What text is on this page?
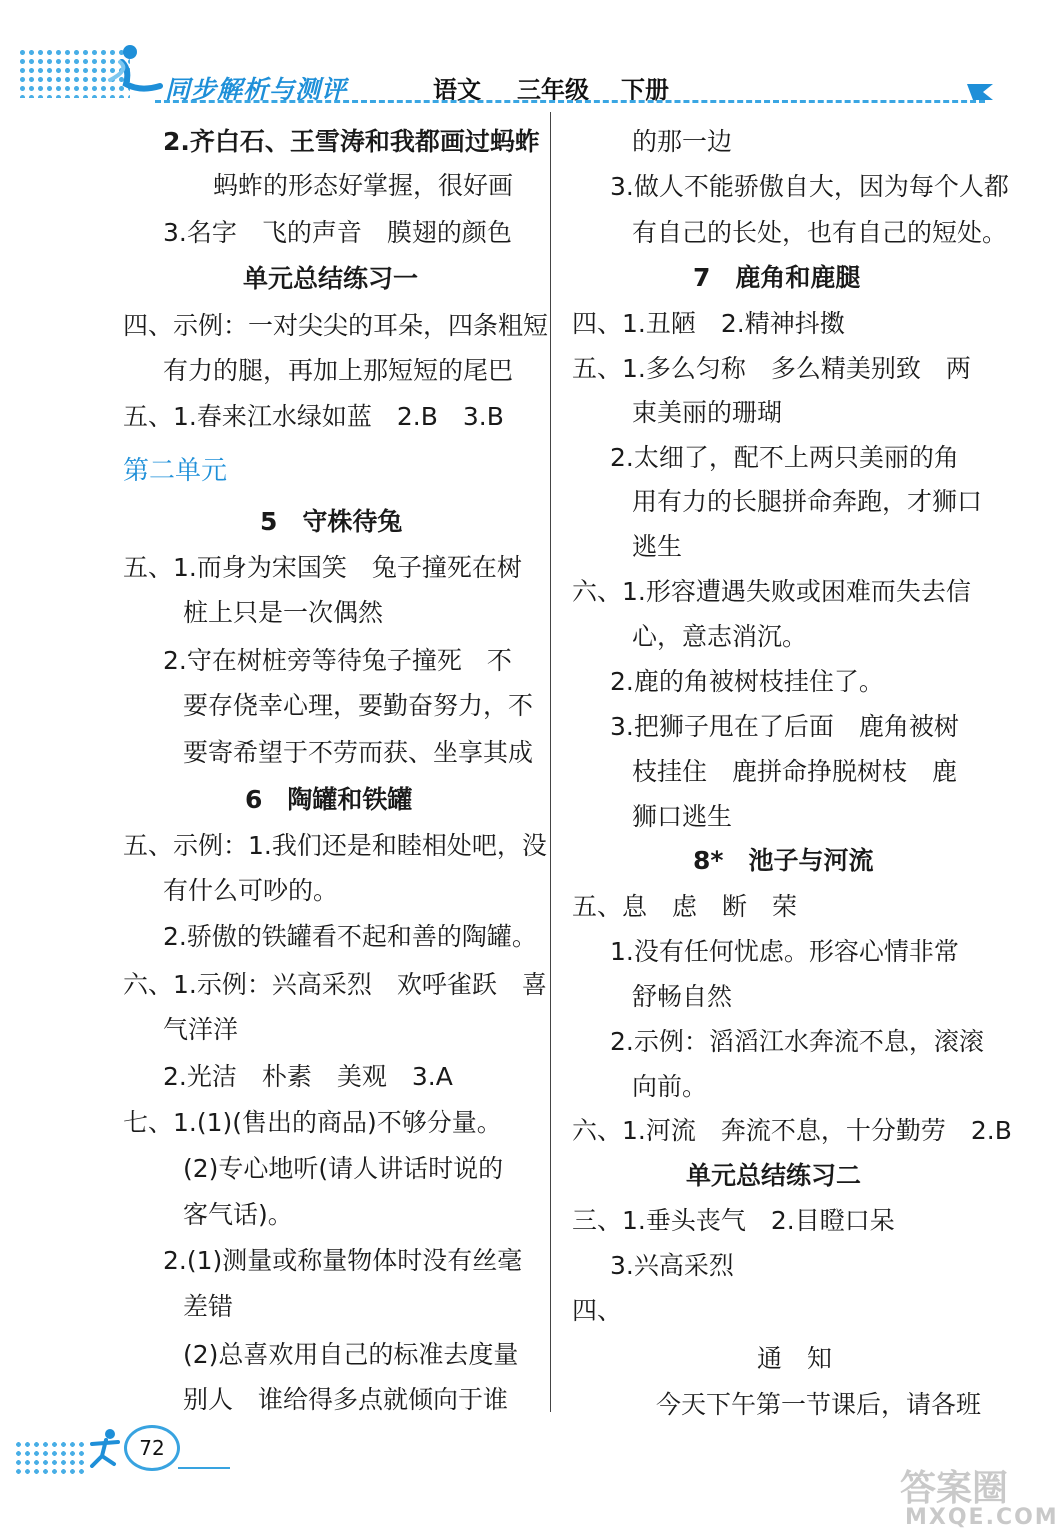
同步解析与测评	语文 三年级 下册
2.齐白石、王雪涛和我都画过蚂蚱
蚂蚱的形态好掌握，很好画
3.名字　飞的声音　膜翅的颜色
单元总结练习一
四、示例：一对尖尖的耳朵，四条粗短
有力的腿，再加上那短短的尾巴
五、1.春来江水绿如蓝　2.B　3.B
第二单元
5　守株待兔
五、1.而身为宋国笑　兔子撞死在树
桩上只是一次偶然
2.守在树桩旁等待兔子撞死　不
要存侥幸心理，要勤奋努力，不
要寄希望于不劳而获、坐享其成
6　陶罐和铁罐
五、示例：1.我们还是和睦相处吧，没
有什么可吵的。
2.骄傲的铁罐看不起和善的陶罐。
六、1.示例：兴高采烈　欢呼雀跃　喜
气洋洋
2.光洁　朴素　美观　3.A
七、1.(1)(售出的商品)不够分量。
(2)专心地听(请人讲话时说的
客气话)。
2.(1)测量或称量物体时没有丝毫
差错
(2)总喜欢用自己的标准去度量
别人　谁给得多点就倾向于谁
的那一边
3.做人不能骄傲自大，因为每个人都
有自己的长处，也有自己的短处。
7　鹿角和鹿腿
四、1.丑陋　2.精神抖擞
五、1.多么匀称　多么精美别致　两
束美丽的珊瑚
2.太细了，配不上两只美丽的角
用有力的长腿拼命奔跑，才狮口
逃生
六、1.形容遭遇失败或困难而失去信
心，意志消沉。
2.鹿的角被树枝挂住了。
3.把狮子甩在了后面　鹿角被树
枝挂住　鹿拼命挣脱树枝　鹿
狮口逃生
8*　池子与河流
五、息　虑　断　荣
1.没有任何忧虑。形容心情非常
舒畅自然
2.示例：滔滔江水奔流不息，滚滚
向前。
六、1.河流　奔流不息，十分勤劳　2.B
单元总结练习二
三、1.垂头丧气　2.目瞪口呆
3.兴高采烈
四、
通　知
今天下午第一节课后，请各班
72
答案圈
MXQE.COM
